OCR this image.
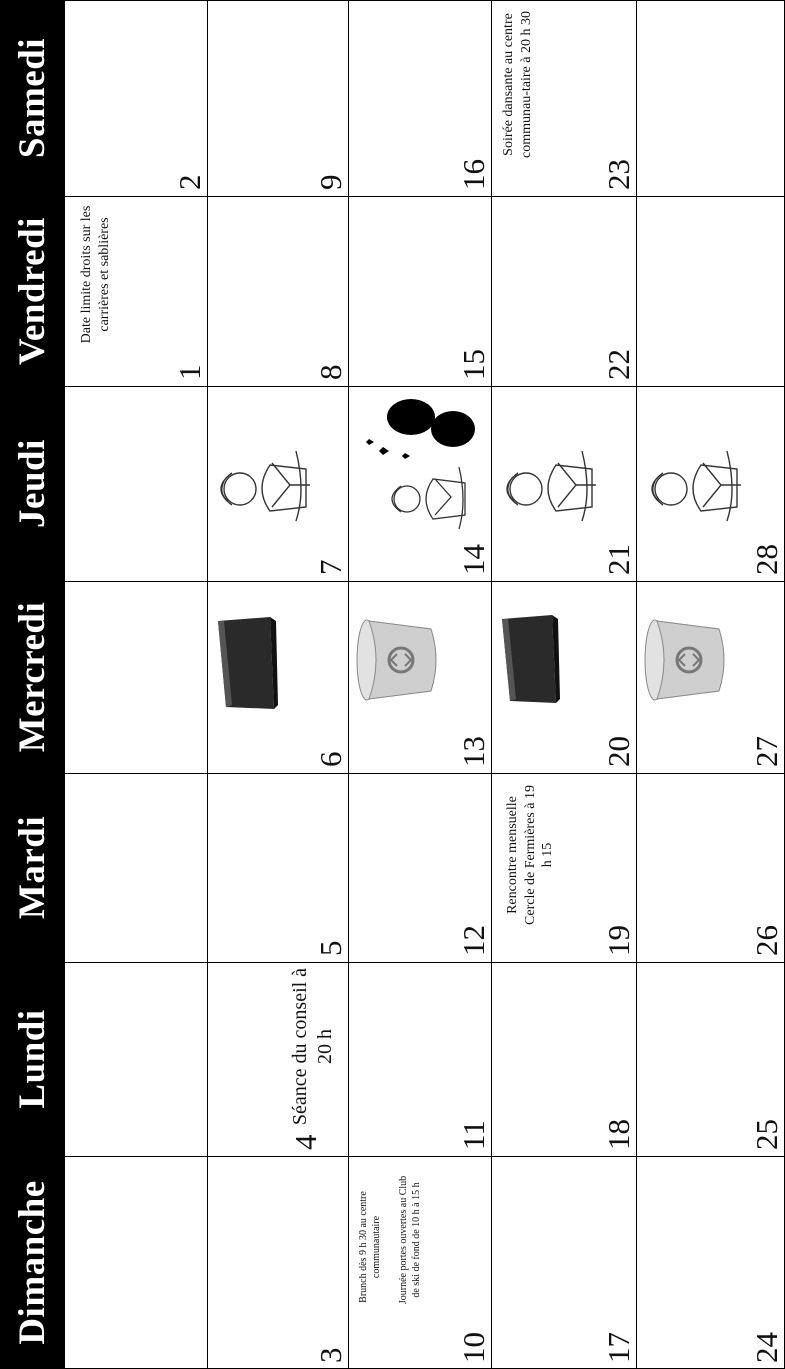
Dimanche
Lundi
Mardi
Mercredi
Jeudi
Vendredi
Samedi
1
Date limite droits sur les carrières et sablières
2
3
4
Séance du conseil à 20 h
5
6
7
8
9
10
Brunch dès 9 h 30 au centre communautaire Journée portes ouvertes au Club de ski de fond de 10 h à 15 h
11
12
13
14
15
16
17
18
19
Rencontre mensuelle Cercle de Fermières à 19 h 15
20
21
22
23
Soirée dansante au centre communau-taire à 20 h 30
24
25
26
27
28
